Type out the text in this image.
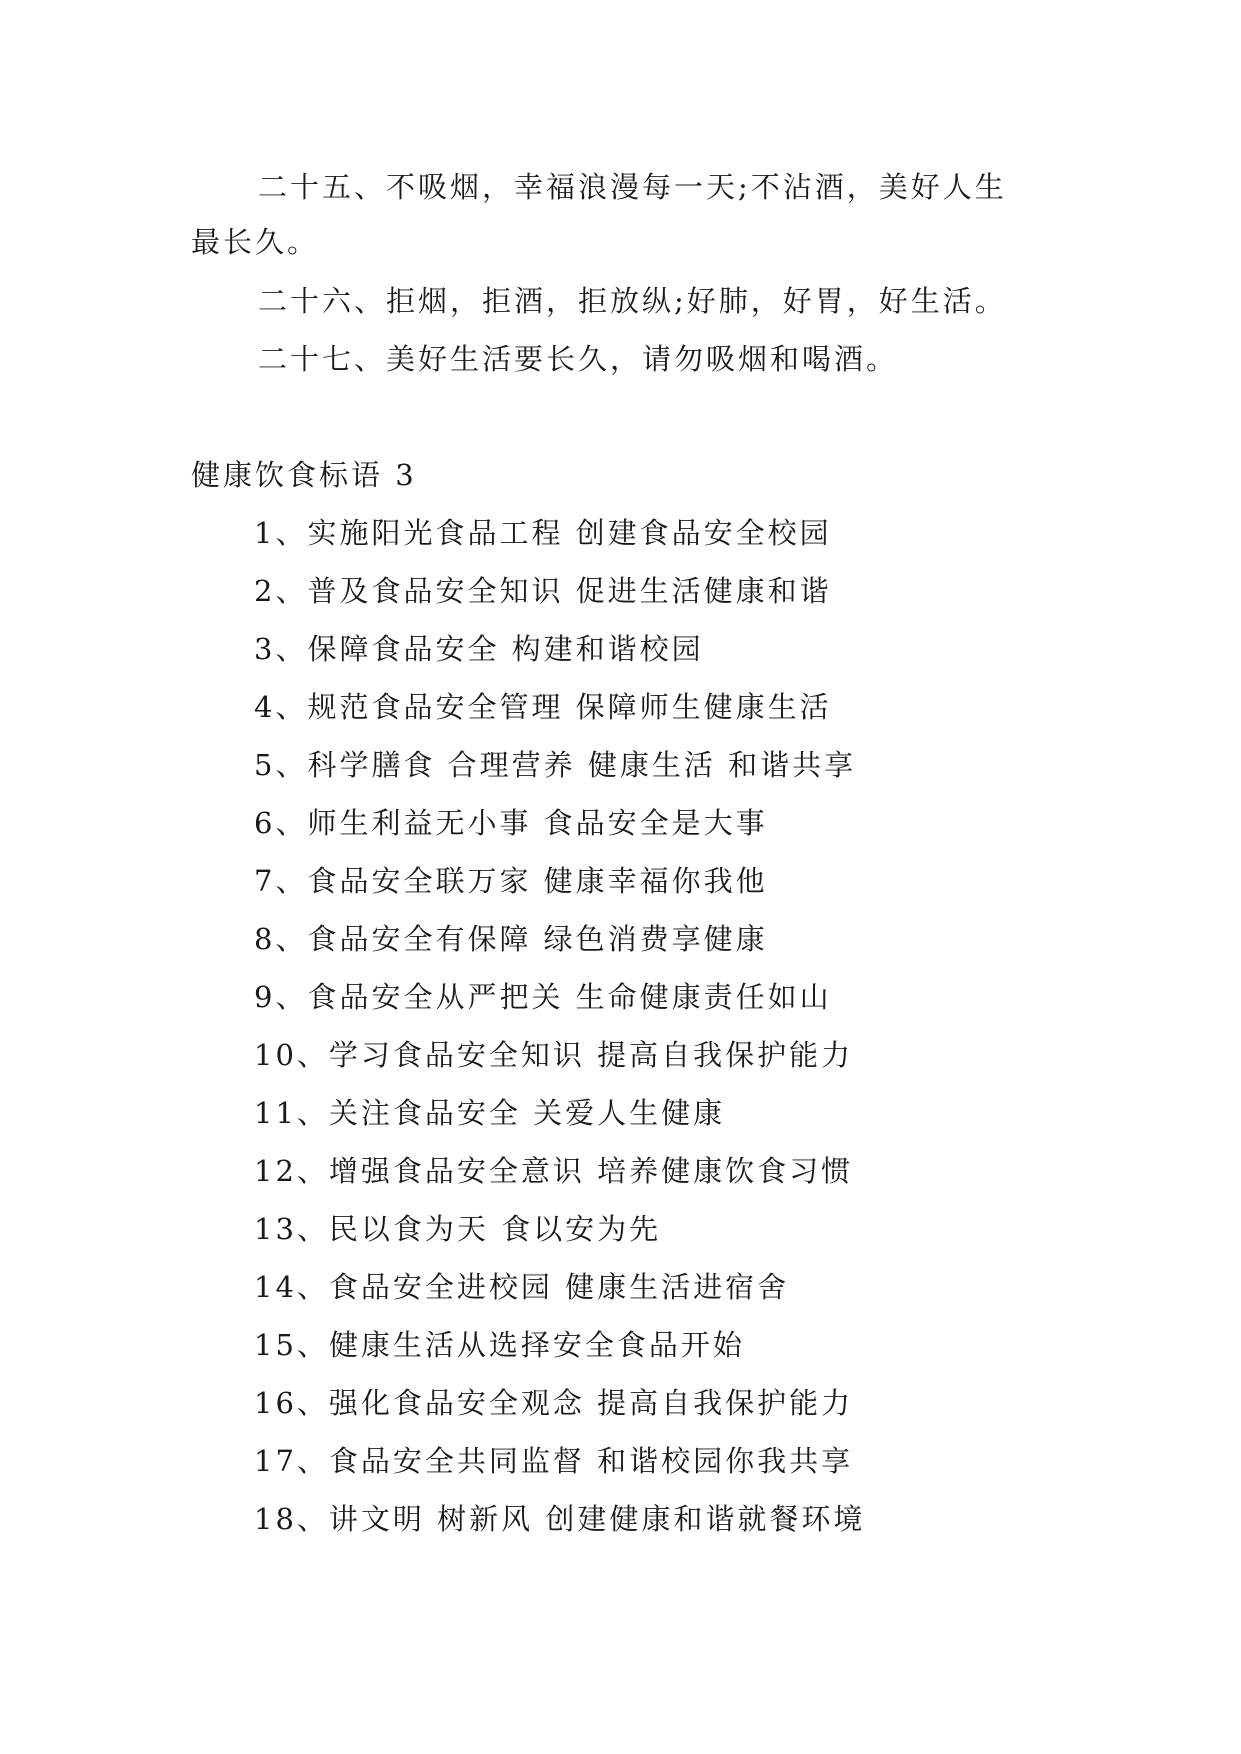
二十五、不吸烟，幸福浪漫每一天;不沾酒，美好人生
最长久。
二十六、拒烟，拒酒，拒放纵;好肺，好胃，好生活。
二十七、美好生活要长久，请勿吸烟和喝酒。
健康饮食标语 3
1、实施阳光食品工程 创建食品安全校园
2、普及食品安全知识 促进生活健康和谐
3、保障食品安全 构建和谐校园
4、规范食品安全管理 保障师生健康生活
5、科学膳食 合理营养 健康生活 和谐共享
6、师生利益无小事 食品安全是大事
7、食品安全联万家 健康幸福你我他
8、食品安全有保障 绿色消费享健康
9、食品安全从严把关 生命健康责任如山
10、学习食品安全知识 提高自我保护能力
11、关注食品安全 关爱人生健康
12、增强食品安全意识 培养健康饮食习惯
13、民以食为天 食以安为先
14、食品安全进校园 健康生活进宿舍
15、健康生活从选择安全食品开始
16、强化食品安全观念 提高自我保护能力
17、食品安全共同监督 和谐校园你我共享
18、讲文明 树新风 创建健康和谐就餐环境
